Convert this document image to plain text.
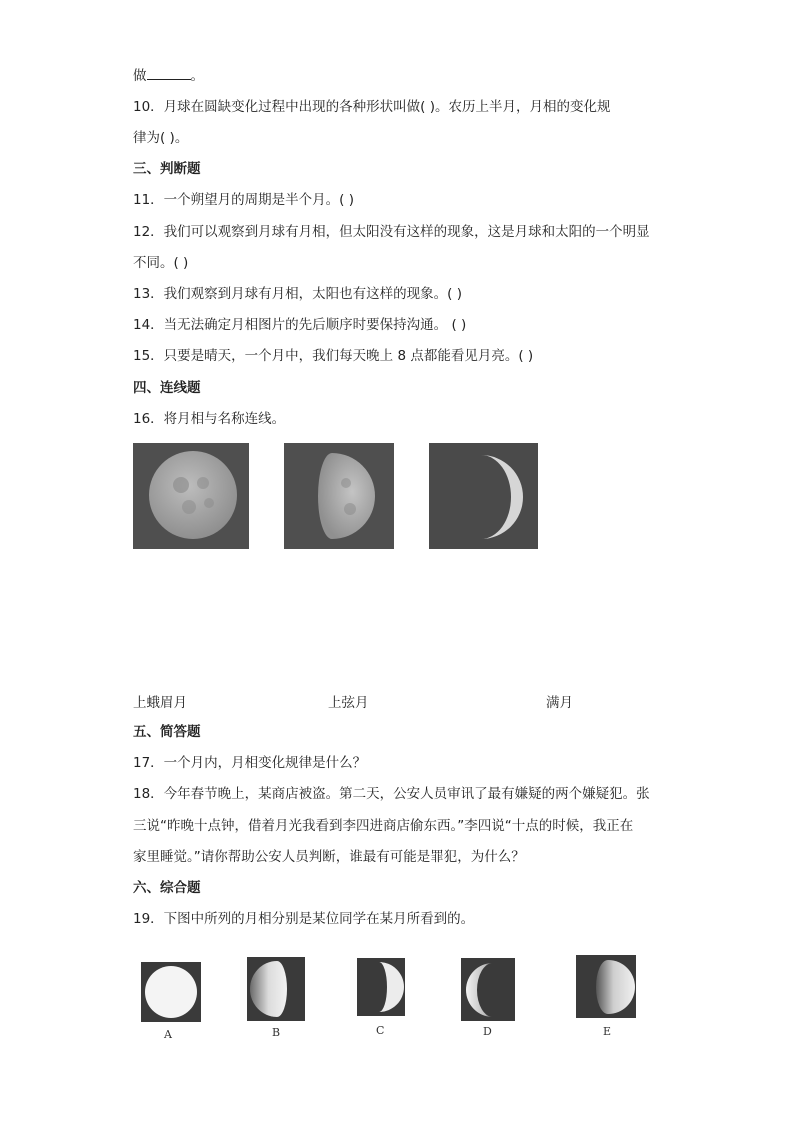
做	。
10．月球在圆缺变化过程中出现的各种形状叫做( )。农历上半月，月相的变化规
律为( )。
三、判断题
11．一个朔望月的周期是半个月。( )
12．我们可以观察到月球有月相，但太阳没有这样的现象，这是月球和太阳的一个明显
不同。( )
13．我们观察到月球有月相，太阳也有这样的现象。( )
14．当无法确定月相图片的先后顺序时要保持沟通。 ( )
15．只要是晴天，一个月中，我们每天晚上 8 点都能看见月亮。( )
四、连线题
16．将月相与名称连线。
上蛾眉月	上弦月	满月
五、简答题
17．一个月内，月相变化规律是什么？
18．今年春节晚上，某商店被盗。第二天，公安人员审讯了最有嫌疑的两个嫌疑犯。张
三说“昨晚十点钟，借着月光我看到李四进商店偷东西。”李四说“十点的时候，我正在
家里睡觉。”请你帮助公安人员判断，谁最有可能是罪犯，为什么？
六、综合题
19．下图中所列的月相分别是某位同学在某月所看到的。
A	B	C	D	E
